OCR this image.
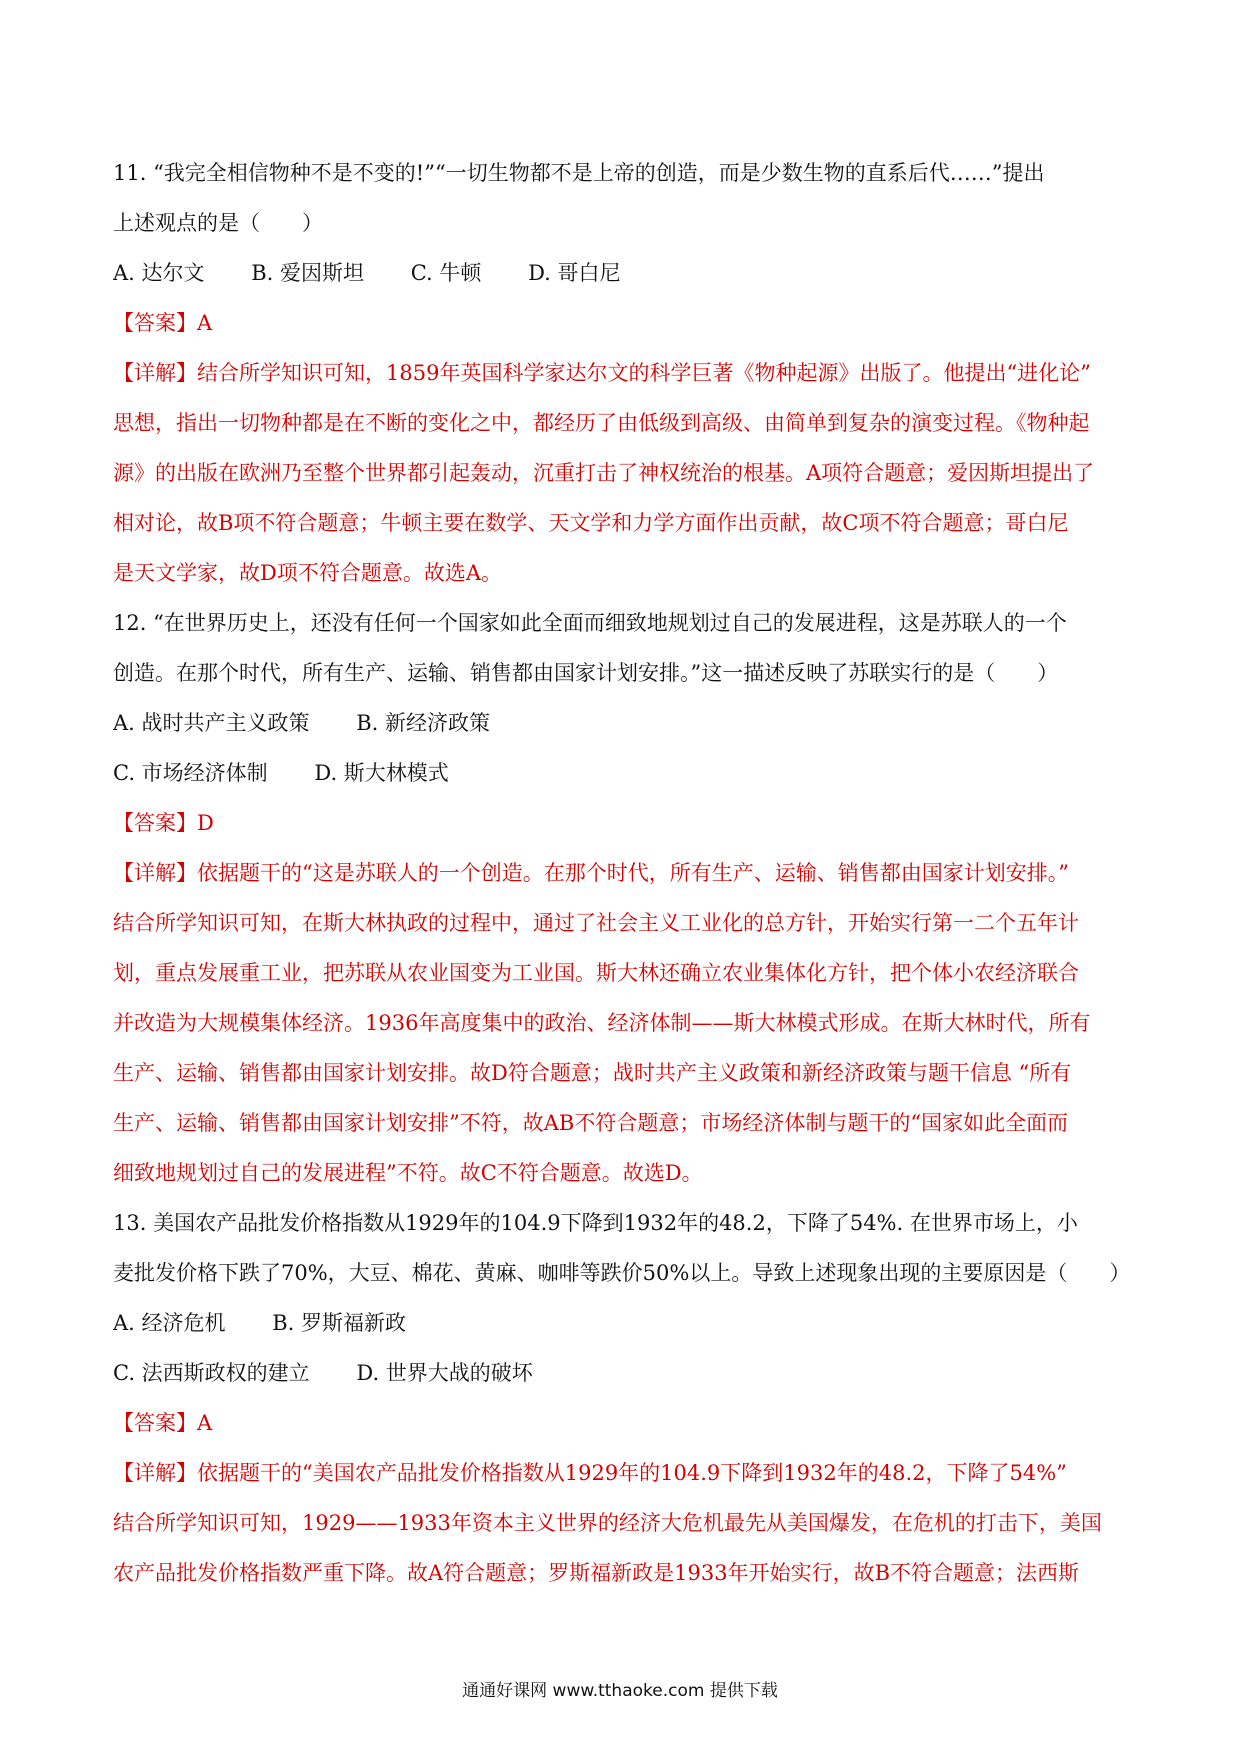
11. “我完全相信物种不是不变的!”“一切生物都不是上帝的创造，而是少数生物的直系后代……”提出
上述观点的是（　　）
A. 达尔文 B. 爱因斯坦 C. 牛顿 D. 哥白尼
【答案】A
【详解】结合所学知识可知，1859年英国科学家达尔文的科学巨著《物种起源》出版了。他提出“进化论”
思想，指出一切物种都是在不断的变化之中，都经历了由低级到高级、由简单到复杂的演变过程。《物种起
源》的出版在欧洲乃至整个世界都引起轰动，沉重打击了神权统治的根基。A项符合题意；爱因斯坦提出了
相对论，故B项不符合题意；牛顿主要在数学、天文学和力学方面作出贡献，故C项不符合题意；哥白尼
是天文学家，故D项不符合题意。故选A。
12. “在世界历史上，还没有任何一个国家如此全面而细致地规划过自己的发展进程，这是苏联人的一个
创造。在那个时代，所有生产、运输、销售都由国家计划安排。”这一描述反映了苏联实行的是（　　）
A. 战时共产主义政策 B. 新经济政策
C. 市场经济体制 D. 斯大林模式
【答案】D
【详解】依据题干的“这是苏联人的一个创造。在那个时代，所有生产、运输、销售都由国家计划安排。”
结合所学知识可知，在斯大林执政的过程中，通过了社会主义工业化的总方针，开始实行第一二个五年计
划，重点发展重工业，把苏联从农业国变为工业国。斯大林还确立农业集体化方针，把个体小农经济联合
并改造为大规模集体经济。1936年高度集中的政治、经济体制——斯大林模式形成。在斯大林时代，所有
生产、运输、销售都由国家计划安排。故D符合题意；战时共产主义政策和新经济政策与题干信息 “所有
生产、运输、销售都由国家计划安排”不符，故AB不符合题意；市场经济体制与题干的“国家如此全面而
细致地规划过自己的发展进程”不符。故C不符合题意。故选D。
13. 美国农产品批发价格指数从1929年的104.9下降到1932年的48.2，下降了54%. 在世界市场上，小
麦批发价格下跌了70%，大豆、棉花、黄麻、咖啡等跌价50%以上。导致上述现象出现的主要原因是（　　）
A. 经济危机 B. 罗斯福新政
C. 法西斯政权的建立 D. 世界大战的破坏
【答案】A
【详解】依据题干的“美国农产品批发价格指数从1929年的104.9下降到1932年的48.2，下降了54%”
结合所学知识可知，1929——1933年资本主义世界的经济大危机最先从美国爆发，在危机的打击下，美国
农产品批发价格指数严重下降。故A符合题意；罗斯福新政是1933年开始实行，故B不符合题意；法西斯
通通好课网 www.tthaoke.com 提供下载
